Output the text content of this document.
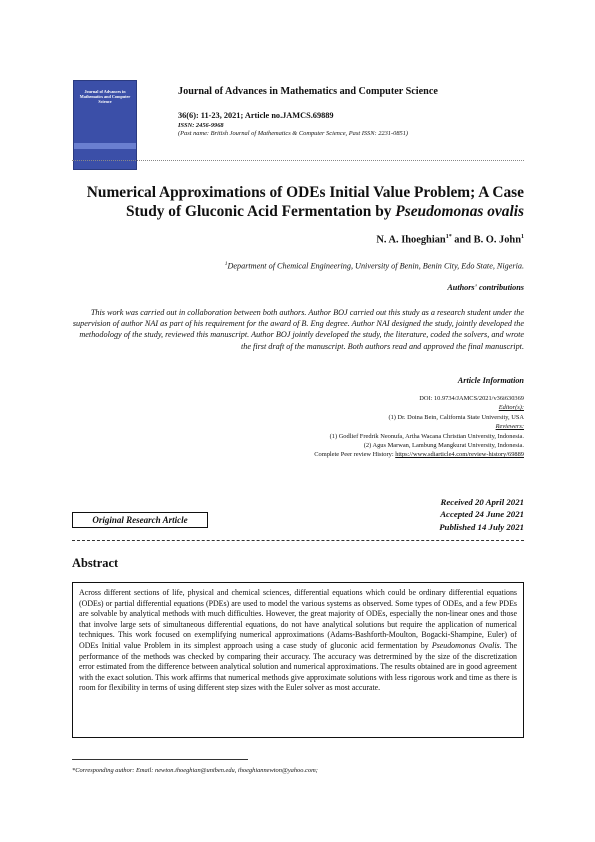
Journal of Advances in Mathematics and Computer Science
Journal of Advances in Mathematics and Computer Science
36(6): 11-23, 2021; Article no.JAMCS.69889
ISSN: 2456-9968
(Past name: British Journal of Mathematics & Computer Science, Past ISSN: 2231-0851)
Numerical Approximations of ODEs Initial Value Problem; A Case Study of Gluconic Acid Fermentation by Pseudomonas ovalis
N. A. Ihoeghian$^{1*}$ and B. O. John$^1$
$^1$Department of Chemical Engineering, University of Benin, Benin City, Edo State, Nigeria.
Authors' contributions
This work was carried out in collaboration between both authors. Author BOJ carried out this study as a research student under the supervision of author NAI as part of his requirement for the award of B. Eng degree. Author NAI designed the study, jointly developed the methodology of the study, reviewed this manuscript. Author BOJ jointly developed the study, the literature, coded the solvers, and wrote the first draft of the manuscript. Both authors read and approved the final manuscript.
Article Information
DOI: 10.9734/JAMCS/2021/v36i630369
Editor(s):
(1) Dr. Doina Bein, California State University, USA
Reviewers:
(1) Godlief Fredrik Neonufa, Artha Wacana Christian University, Indonesia.
(2) Agus Marwan, Lambung Mangkurat University, Indonesia.
Complete Peer review History: https://www.sdiarticle4.com/review-history/69889
Received 20 April 2021
Accepted 24 June 2021
Published 14 July 2021
Original Research Article
Abstract
Across different sections of life, physical and chemical sciences, differential equations which could be ordinary differential equations (ODEs) or partial differential equations (PDEs) are used to model the various systems as observed. Some types of ODEs, and a few PDEs are solvable by analytical methods with much difficulties. However, the great majority of ODEs, especially the non-linear ones and those that involve large sets of simultaneous differential equations, do not have analytical solutions but require the application of numerical techniques. This work focused on exemplifying numerical approximations (Adams-Bashforth-Moulton, Bogacki-Shampine, Euler) of ODEs Initial value Problem in its simplest approach using a case study of gluconic acid fermentation by Pseudomonas Ovalis. The performance of the methods was checked by comparing their accuracy. The accuracy was detrermined by the size of the discretization error estimated from the difference between analytical solution and numerical approximations. The results obtained are in good agreement with the exact solution. This work affirms that numerical methods give approximate solutions with less rigorous work and time as there is room for flexibility in terms of using different step sizes with the Euler solver as most accurate.
*Corresponding author: Email: newton.ihoeghian@uniben.edu, ihoeghiannewton@yahoo.com;
